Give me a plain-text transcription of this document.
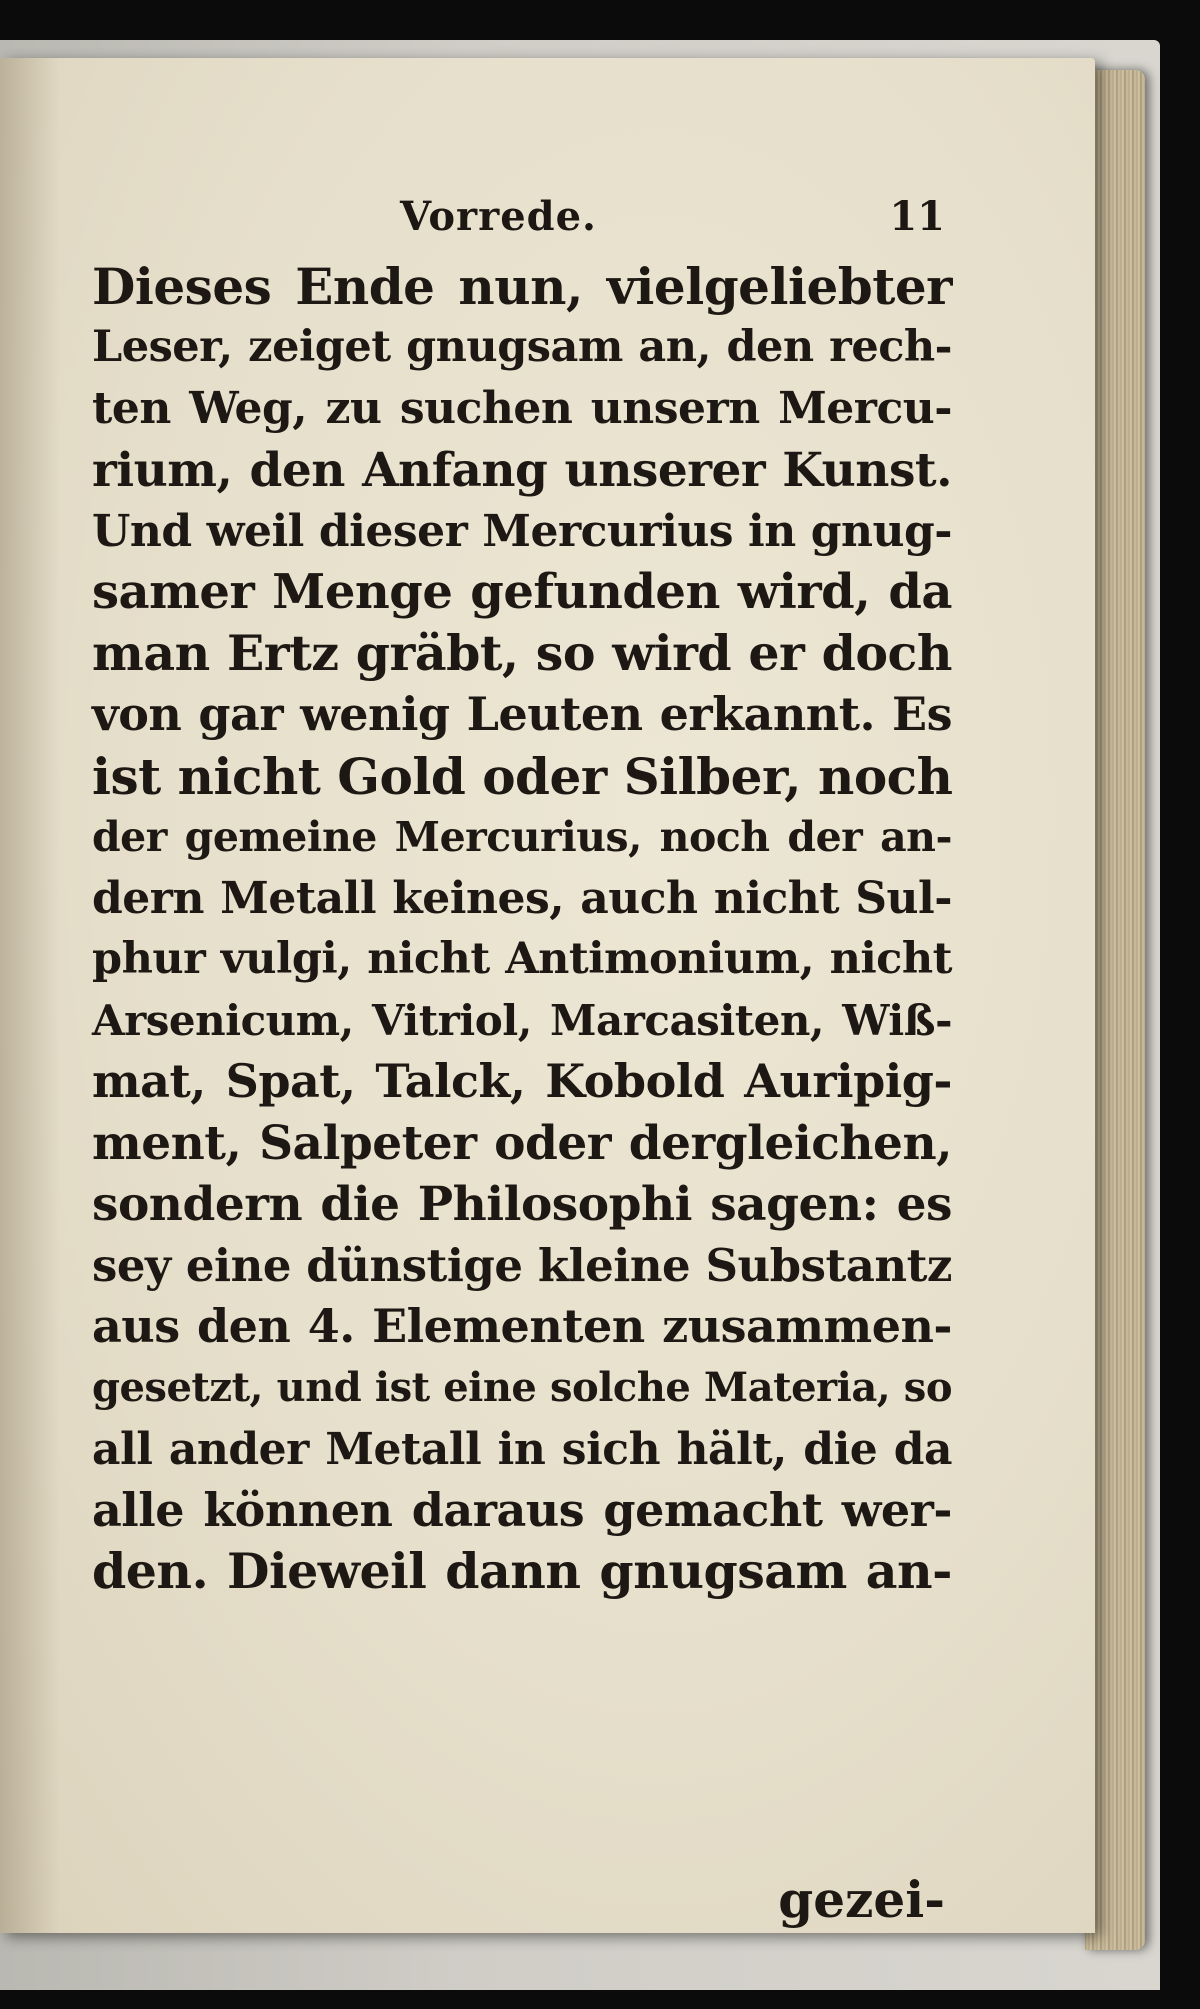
Vorrede.	11
Dieses Ende nun, vielgeliebter
Leser, zeiget gnugsam an, den rech-
ten Weg, zu suchen unsern Mercu-
rium, den Anfang unserer Kunst.
Und weil dieser Mercurius in gnug-
samer Menge gefunden wird, da
man Ertz gräbt, so wird er doch
von gar wenig Leuten erkannt. Es
ist nicht Gold oder Silber, noch
der gemeine Mercurius, noch der an-
dern Metall keines, auch nicht Sul-
phur vulgi, nicht Antimonium, nicht
Arsenicum, Vitriol, Marcasiten, Wiß-
mat, Spat, Talck, Kobold Auripig-
ment, Salpeter oder dergleichen,
sondern die Philosophi sagen: es
sey eine dünstige kleine Substantz
aus den 4. Elementen zusammen-
gesetzt, und ist eine solche Materia, so
all ander Metall in sich hält, die da
alle können daraus gemacht wer-
den. Dieweil dann gnugsam an-
gezei-
